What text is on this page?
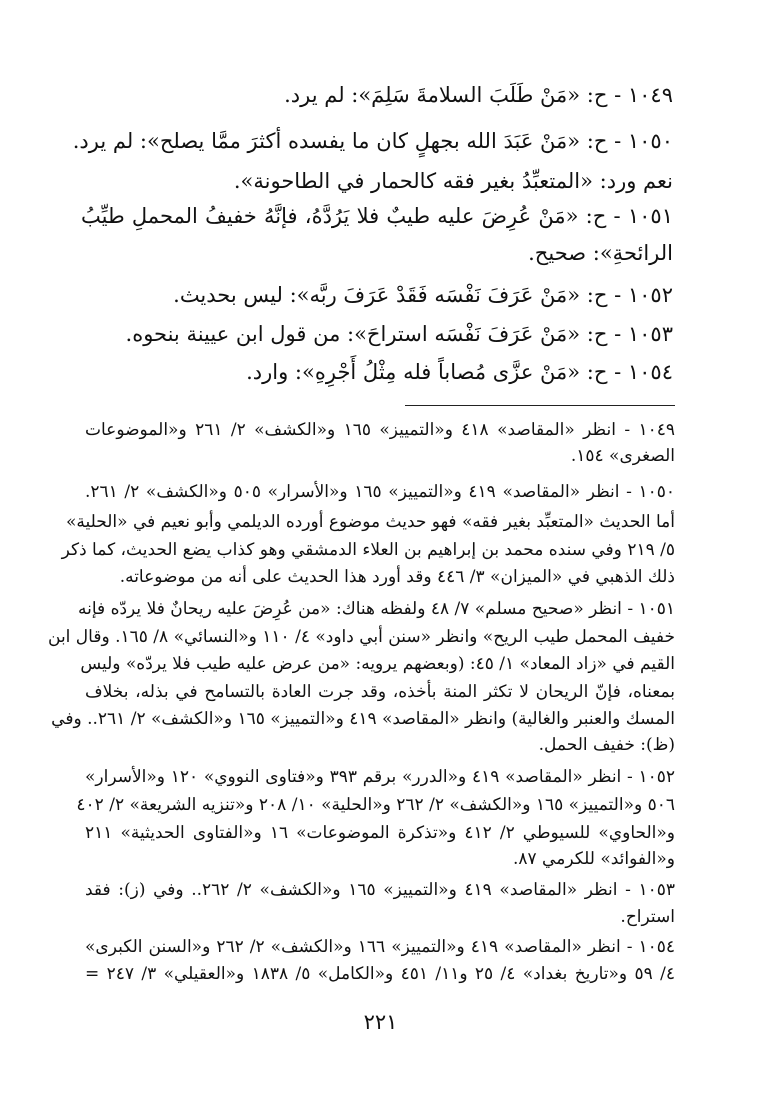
١٠٤٩ - ح: «مَنْ طَلَبَ السلامةَ سَلِمَ»: لم يرد.
١٠٥٠ - ح: «مَنْ عَبَدَ الله بجهلٍ كان ما يفسده أكثرَ ممَّا يصلح»: لم يرد.
نعم ورد: «المتعبِّدُ بغير فقه كالحمار في الطاحونة».
١٠٥١ - ح: «مَنْ عُرِضَ عليه طيبٌ فلا يَرُدَّهُ، فإنَّهُ خفيفُ المحملِ طيِّبُ
الرائحةِ»: صحيح.
١٠٥٢ - ح: «مَنْ عَرَفَ نَفْسَه فَقَدْ عَرَفَ ربَّه»: ليس بحديث.
١٠٥٣ - ح: «مَنْ عَرَفَ نَفْسَه استراحَ»: من قول ابن عيينة بنحوه.
١٠٥٤ - ح: «مَنْ عزَّى مُصاباً فله مِثْلُ أَجْرِهِ»: وارد.
١٠٤٩ - انظر «المقاصد» ٤١٨ و«التمييز» ١٦٥ و«الكشف» ٢/ ٢٦١ و«الموضوعات
الصغرى» ١٥٤.
١٠٥٠ - انظر «المقاصد» ٤١٩ و«التمييز» ١٦٥ و«الأسرار» ٥٠٥ و«الكشف» ٢/ ٢٦١.
أما الحديث «المتعبِّد بغير فقه» فهو حديث موضوع أورده الديلمي وأبو نعيم في «الحلية»
٥/ ٢١٩ وفي سنده محمد بن إبراهيم بن العلاء الدمشقي وهو كذاب يضع الحديث، كما ذكر
ذلك الذهبي في «الميزان» ٣/ ٤٤٦ وقد أورد هذا الحديث على أنه من موضوعاته.
١٠٥١ - انظر «صحيح مسلم» ٧/ ٤٨ ولفظه هناك: «من عُرِضَ عليه ريحانٌ فلا يردّه فإنه
خفيف المحمل طيب الريح» وانظر «سنن أبي داود» ٤/ ١١٠ و«النسائي» ٨/ ١٦٥. وقال ابن
القيم في «زاد المعاد» ١/ ٤٥: (وبعضهم يرويه: «من عرض عليه طيب فلا يردّه» وليس
بمعناه، فإنّ الريحان لا تكثر المنة بأخذه، وقد جرت العادة بالتسامح في بذله، بخلاف
المسك والعنبر والغالية) وانظر «المقاصد» ٤١٩ و«التمييز» ١٦٥ و«الكشف» ٢/ ٢٦١.. وفي
(ظ): خفيف الحمل.
١٠٥٢ - انظر «المقاصد» ٤١٩ و«الدرر» برقم ٣٩٣ و«فتاوى النووي» ١٢٠ و«الأسرار»
٥٠٦ و«التمييز» ١٦٥ و«الكشف» ٢/ ٢٦٢ و«الحلية» ١٠/ ٢٠٨ و«تنزيه الشريعة» ٢/ ٤٠٢
و«الحاوي» للسيوطي ٢/ ٤١٢ و«تذكرة الموضوعات» ١٦ و«الفتاوى الحديثية» ٢١١
و«الفوائد» للكرمي ٨٧.
١٠٥٣ - انظر «المقاصد» ٤١٩ و«التمييز» ١٦٥ و«الكشف» ٢/ ٢٦٢.. وفي (ز): فقد
استراح.
١٠٥٤ - انظر «المقاصد» ٤١٩ و«التمييز» ١٦٦ و«الكشف» ٢/ ٢٦٢ و«السنن الكبرى»
٤/ ٥٩ و«تاريخ بغداد» ٤/ ٢٥ و١١/ ٤٥١ و«الكامل» ٥/ ١٨٣٨ و«العقيلي» ٣/ ٢٤٧ =
٢٢١
